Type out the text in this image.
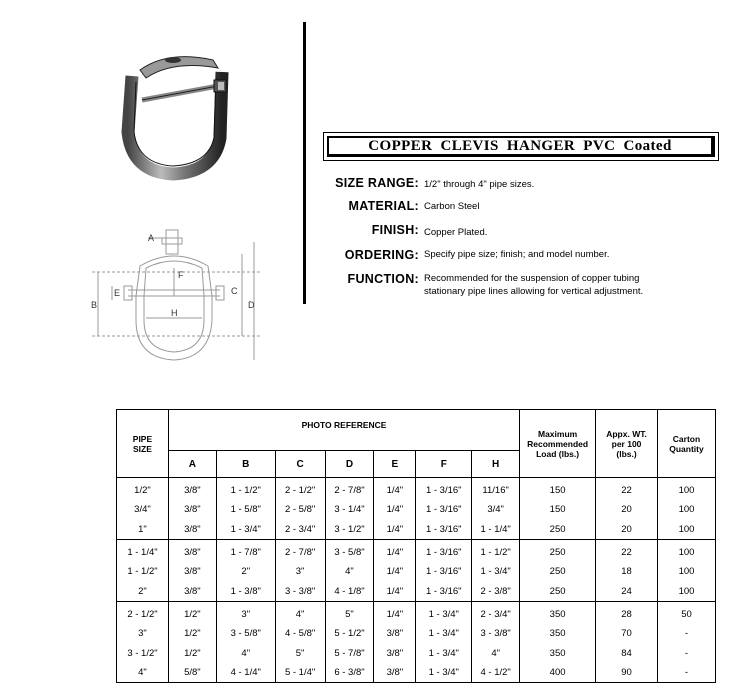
A
B
C
D
E
F
H
COPPER CLEVIS HANGER PVC Coated
SIZE RANGE: 1/2" through 4" pipe sizes.
MATERIAL: Carbon Steel
FINISH: Copper Plated.
ORDERING: Specify pipe size; finish; and model number.
FUNCTION: Recommended for the suspension of copper tubing
stationary pipe lines allowing for vertical adjustment.
PIPE SIZE	PHOTO REFERENCE							Maximum Recommended Load (lbs.)	Appx. WT. per 100 (lbs.)	Carton Quantity
	A	B	C	D	E	F	H			
1/2"	3/8"	1 - 1/2"	2 - 1/2"	2 - 7/8"	1/4"	1 - 3/16"	11/16"	150	22	100
3/4"	3/8"	1 - 5/8"	2 - 5/8"	3 - 1/4"	1/4"	1 - 3/16"	3/4"	150	20	100
1"	3/8"	1 - 3/4"	2 - 3/4"	3 - 1/2"	1/4"	1 - 3/16"	1 - 1/4"	250	20	100
1 - 1/4"	3/8"	1 - 7/8"	2 - 7/8"	3 - 5/8"	1/4"	1 - 3/16"	1 - 1/2"	250	22	100
1 - 1/2"	3/8"	2"	3"	4"	1/4"	1 - 3/16"	1 - 3/4"	250	18	100
2"	3/8"	1 - 3/8"	3 - 3/8"	4 - 1/8"	1/4"	1 - 3/16"	2 - 3/8"	250	24	100
2 - 1/2"	1/2"	3"	4"	5"	1/4"	1 - 3/4"	2 - 3/4"	350	28	50
3"	1/2"	3 - 5/8"	4 - 5/8"	5 - 1/2"	3/8"	1 - 3/4"	3 - 3/8"	350	70	-
3 - 1/2"	1/2"	4"	5"	5 - 7/8"	3/8"	1 - 3/4"	4"	350	84	-
4"	5/8"	4 - 1/4"	5 - 1/4"	6 - 3/8"	3/8"	1 - 3/4"	4 - 1/2"	400	90	-
